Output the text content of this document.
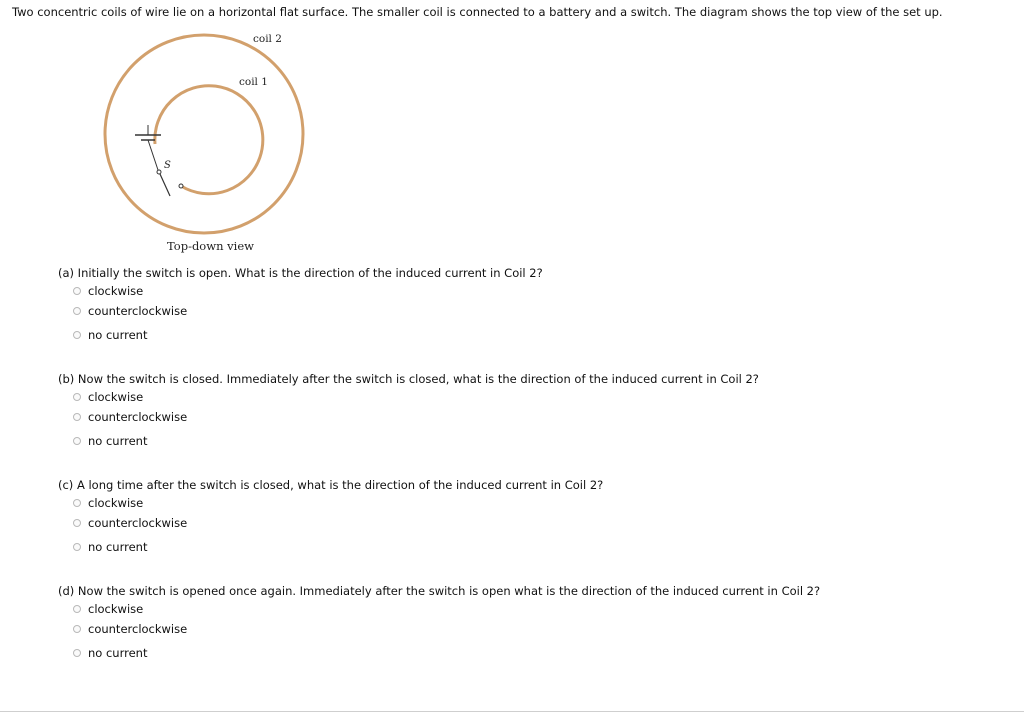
Two concentric coils of wire lie on a horizontal flat surface. The smaller coil is connected to a battery and a switch. The diagram shows the top view of the set up.
coil 2
coil 1
S
Top-down view

(a) Initially the switch is open. What is the direction of the induced current in Coil 2?

clockwise
counterclockwise
no current

(b) Now the switch is closed. Immediately after the switch is closed, what is the direction of the induced current in Coil 2?

clockwise
counterclockwise
no current

(c) A long time after the switch is closed, what is the direction of the induced current in Coil 2?

clockwise
counterclockwise
no current

(d) Now the switch is opened once again. Immediately after the switch is open what is the direction of the induced current in Coil 2?

clockwise
counterclockwise
no current
